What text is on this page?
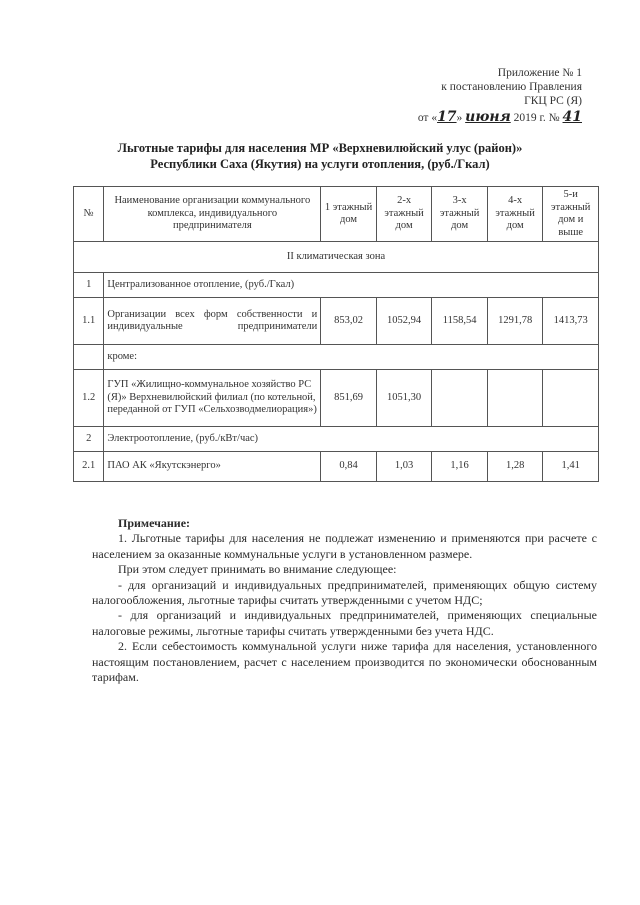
Приложение № 1
к постановлению Правления
ГКЦ РС (Я)
от «17» июня 2019 г. № 41
Льготные тарифы для населения МР «Верхневилюйский улус (район)»
Республики Саха (Якутия) на услуги отопления, (руб./Гкал)
№	Наименование организации коммунального комплекса, индивидуального предпринимателя	1 этажный дом	2-х этажный дом	3-х этажный дом	4-х этажный дом	5-и этажный дом и выше
II климатическая зона						
1	Централизованное отопление, (руб./Гкал)					
1.1	Организации всех форм собственности и индивидуальные предприниматели	853,02	1052,94	1158,54	1291,78	1413,73
	кроме:					
1.2	ГУП «Жилищно-коммунальное хозяйство РС (Я)» Верхневилюйский филиал (по котельной, переданной от ГУП «Сельхозводмелиорация»)	851,69	1051,30			
2	Электроотопление, (руб./кВт/час)					
2.1	ПАО АК «Якутскэнерго»	0,84	1,03	1,16	1,28	1,41
Примечание:

1. Льготные тарифы для населения не подлежат изменению и применяются при расчете с населением за оказанные коммунальные услуги в установленном размере.

При этом следует принимать во внимание следующее:

- для организаций и индивидуальных предпринимателей, применяющих общую систему налогообложения, льготные тарифы считать утвержденными с учетом НДС;

- для организаций и индивидуальных предпринимателей, применяющих специальные налоговые режимы, льготные тарифы считать утвержденными без учета НДС.

2. Если себестоимость коммунальной услуги ниже тарифа для населения, установленного настоящим постановлением, расчет с населением производится по экономически обоснованным тарифам.
